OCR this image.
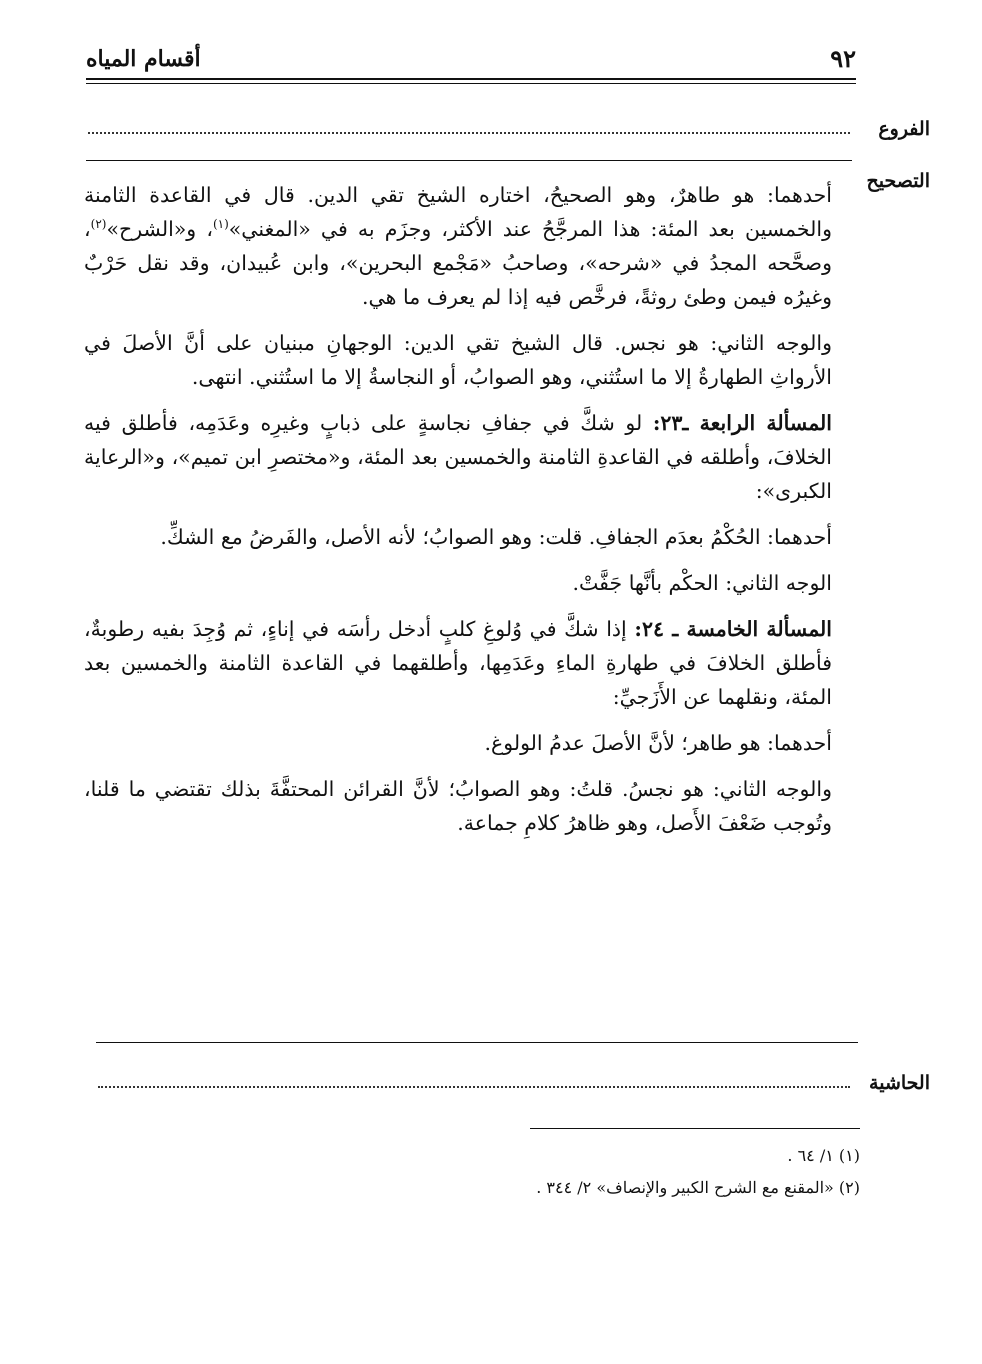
٩٢
أقسام المياه
الفروع
التصحيح

أحدهما: هو طاهرٌ، وهو الصحيحُ، اختاره الشيخ تقي الدين. قال في القاعدة الثامنة والخمسين بعد المئة: هذا المرجَّحُ عند الأكثر، وجزَم به في «المغني»$^{(١)}$، و«الشرح»$^{(٢)}$، وصحَّحه المجدُ في «شرحه»، وصاحبُ «مَجْمع البحرين»، وابن عُبيدان، وقد نقل حَرْبٌ وغيرُه فيمن وطئ روثةً، فرخَّص فيه إذا لم يعرف ما هي.

والوجه الثاني: هو نجس. قال الشيخ تقي الدين: الوجهانِ مبنيان على أنَّ الأصلَ في الأرواثِ الطهارةُ إلا ما استُثني، وهو الصوابُ، أو النجاسةُ إلا ما استُثني. انتهى.

المسألة الرابعة ـ٢٣: لو شكَّ في جفافِ نجاسةٍ على ذبابٍ وغيرِه وعَدَمِه، فأطلق فيه الخلافَ، وأطلقه في القاعدةِ الثامنة والخمسين بعد المئة، و«مختصرِ ابن تميم»، و«الرعاية الكبرى»:

أحدهما: الحُكْمُ بعدَم الجفافِ. قلت: وهو الصوابُ؛ لأنه الأصل، والفَرضُ مع الشكِّ.

الوجه الثاني: الحكْم بأنَّها جَفَّتْ.

المسألة الخامسة ـ ٢٤: إذا شكَّ في وُلوغِ كلبٍ أدخل رأسَه في إناءٍ، ثم وُجِدَ بفيه رطوبةٌ، فأطلق الخلافَ في طهارةِ الماءِ وعَدَمِها، وأطلقهما في القاعدة الثامنة والخمسين بعد المئة، ونقلهما عن الأَزَجيِّ:

أحدهما: هو طاهر؛ لأنَّ الأصلَ عدمُ الولوغ.

والوجه الثاني: هو نجسُ. قلتُ: وهو الصوابُ؛ لأنَّ القرائن المحتفَّةَ بذلك تقتضي ما قلنا، وتُوجب ضَعْفَ الأَصل، وهو ظاهرُ كلامِ جماعة.

الحاشية
(١) ١/ ٦٤ .
(٢) «المقنع مع الشرح الكبير والإنصاف» ٢/ ٣٤٤ .
